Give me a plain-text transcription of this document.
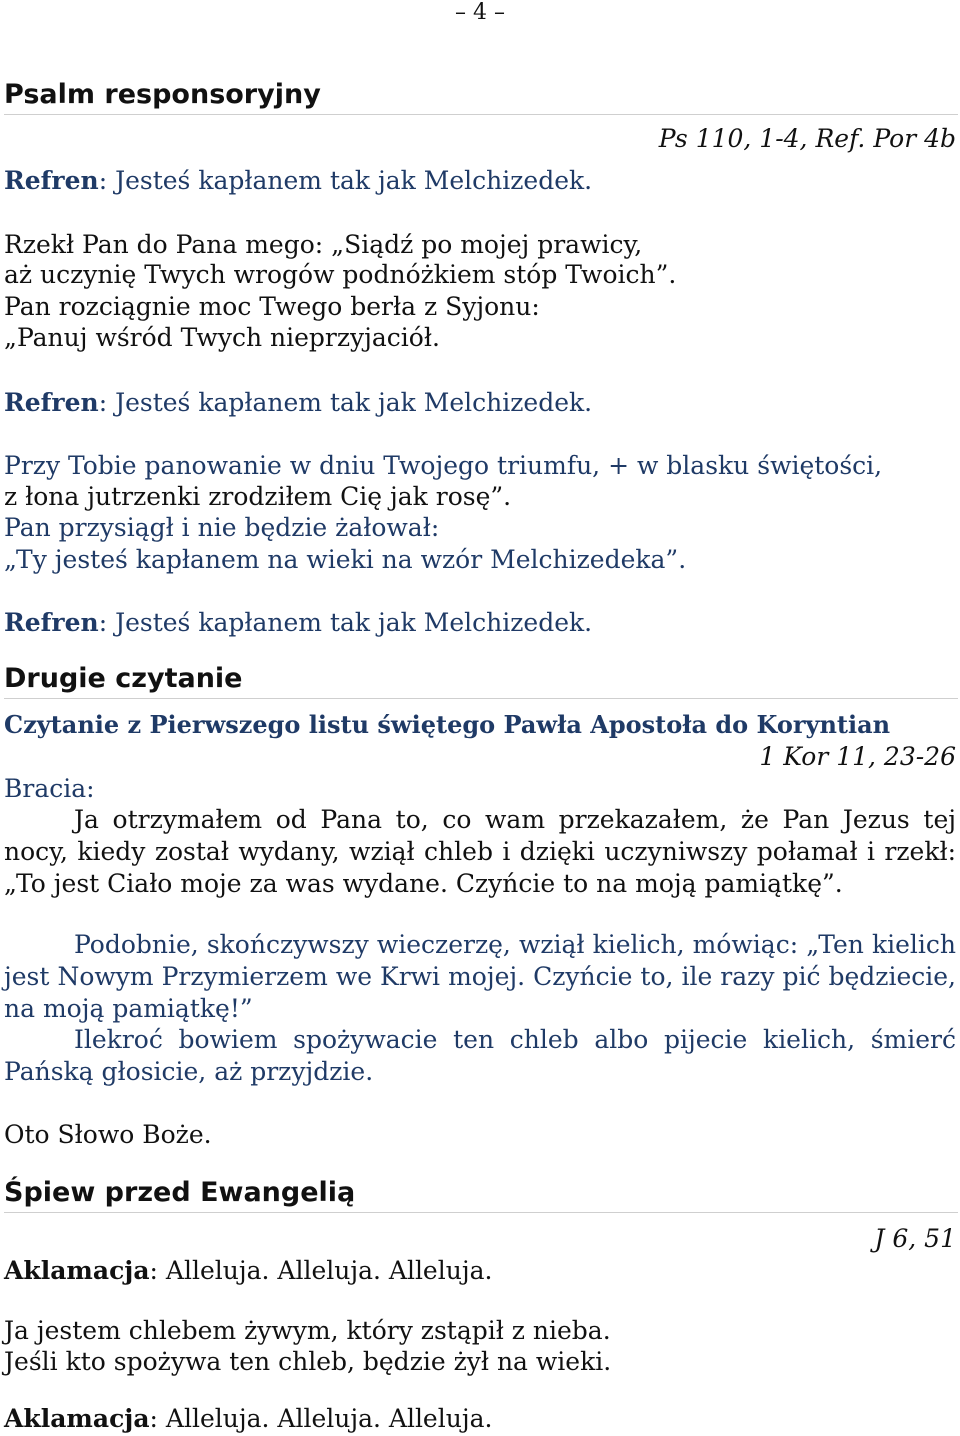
– 4 –
Psalm responsoryjny
Ps 110, 1-4, Ref. Por 4b
Refren: Jesteś kapłanem tak jak Melchizedek.
Rzekł Pan do Pana mego: „Siądź po mojej prawicy,
aż uczynię Twych wrogów podnóżkiem stóp Twoich”.
Pan rozciągnie moc Twego berła z Syjonu:
„Panuj wśród Twych nieprzyjaciół.
Refren: Jesteś kapłanem tak jak Melchizedek.
Przy Tobie panowanie w dniu Twojego triumfu, + w blasku świętości,
z łona jutrzenki zrodziłem Cię jak rosę”.
Pan przysiągł i nie będzie żałował:
„Ty jesteś kapłanem na wieki na wzór Melchizedeka”.
Refren: Jesteś kapłanem tak jak Melchizedek.
Drugie czytanie
Czytanie z Pierwszego listu świętego Pawła Apostoła do Koryntian
1 Kor 11, 23-26
Bracia:
Ja otrzymałem od Pana to, co wam przekazałem, że Pan Jezus tej nocy, kiedy został wydany, wziął chleb i dzięki uczyniwszy połamał i rzekł: „To jest Ciało moje za was wydane. Czyńcie to na moją pamiątkę”.
Podobnie, skończywszy wieczerzę, wziął kielich, mówiąc: „Ten kielich jest Nowym Przymierzem we Krwi mojej. Czyńcie to, ile razy pić będziecie, na moją pamiątkę!”
Ilekroć bowiem spożywacie ten chleb albo pijecie kielich, śmierć Pańską głosicie, aż przyjdzie.
Oto Słowo Boże.
Śpiew przed Ewangelią
J 6, 51
Aklamacja: Alleluja. Alleluja. Alleluja.
Ja jestem chlebem żywym, który zstąpił z nieba.
Jeśli kto spożywa ten chleb, będzie żył na wieki.
Aklamacja: Alleluja. Alleluja. Alleluja.
